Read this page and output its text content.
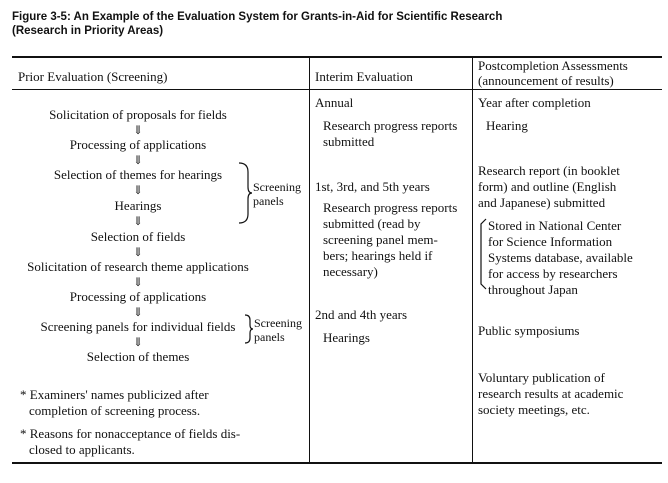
Figure 3-5: An Example of the Evaluation System for Grants-in-Aid for Scientific Research
(Research in Priority Areas)
Prior Evaluation (Screening)	Interim Evaluation
Postcompletion Assessments
(announcement of results)
Solicitation of proposals for fields
⇓
Processing of applications
⇓
Selection of themes for hearings
⇓
Hearings
⇓
Selection of fields
⇓
Solicitation of research theme applications
⇓
Processing of applications
⇓
Screening panels for individual fields
⇓
Selection of themes
Screening
panels
Screening
panels
* Examiners' names publicized after
completion of screening process.
* Reasons for nonacceptance of fields dis-
closed to applicants.
Annual
Research progress reports
submitted
1st, 3rd, and 5th years
Research progress reports
submitted (read by
screening panel mem-
bers; hearings held if
necessary)
2nd and 4th years
Hearings
Year after completion
Hearing
Research report (in booklet
form) and outline (English
and Japanese) submitted
Stored in National Center
for Science Information
Systems database, available
for access by researchers
throughout Japan
Public symposiums
Voluntary publication of
research results at academic
society meetings, etc.
